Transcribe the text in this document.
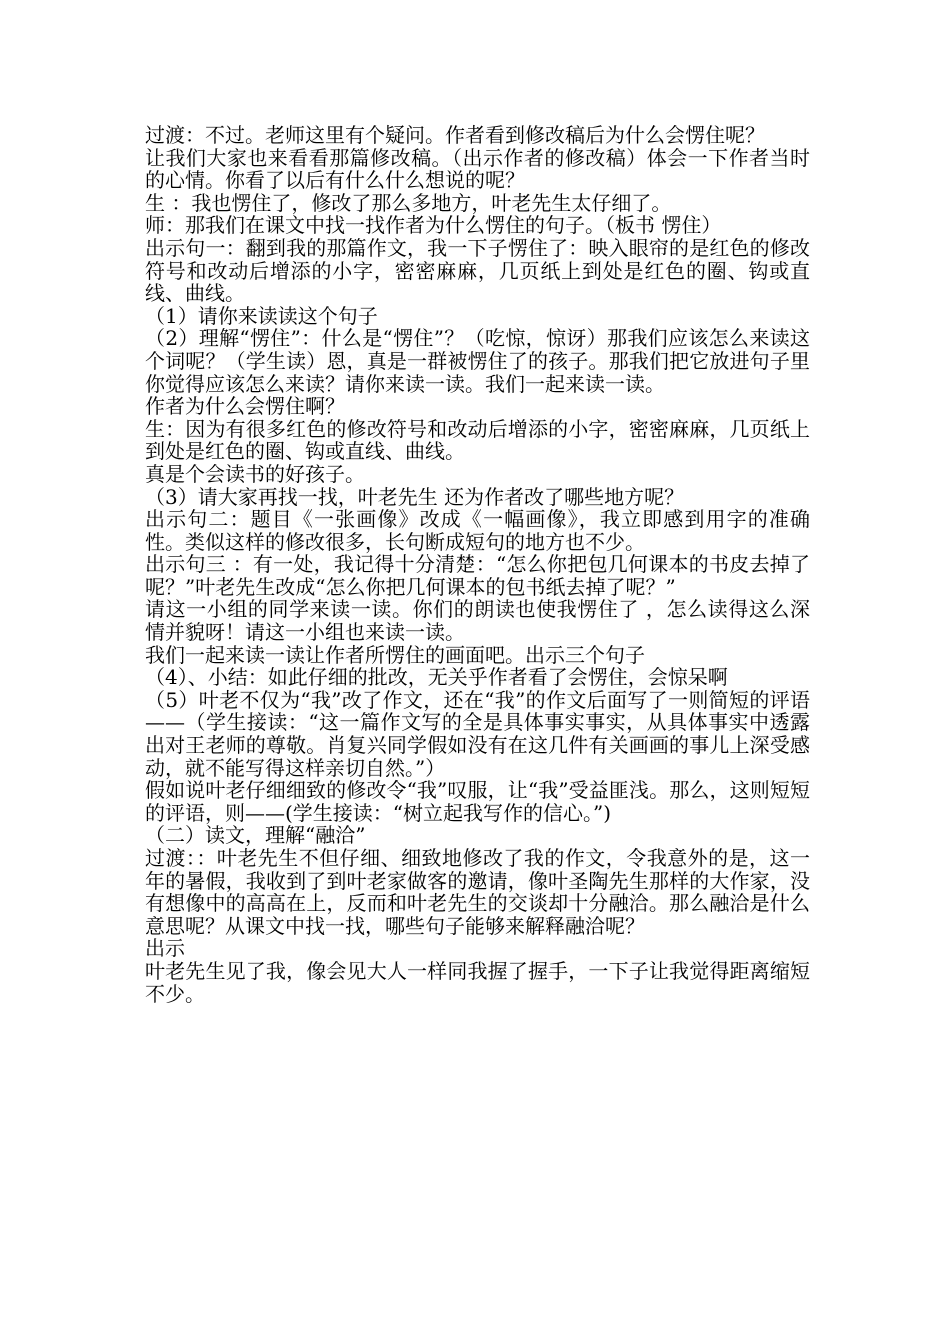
过渡：不过。老师这里有个疑问。作者看到修改稿后为什么会愣住呢？

让我们大家也来看看那篇修改稿。（出示作者的修改稿）体会一下作者当时的心情。你看了以后有什么什么想说的呢？

生 ：我也愣住了，修改了那么多地方，叶老先生太仔细了。

师：那我们在课文中找一找作者为什么愣住的句子。（板书 愣住）

出示句一：翻到我的那篇作文，我一下子愣住了：映入眼帘的是红色的修改符号和改动后增添的小字，密密麻麻，几页纸上到处是红色的圈、钩或直线、曲线。

（1）请你来读读这个句子

（2）理解“愣住”：什么是“愣住”？（吃惊，惊讶）那我们应该怎么来读这个词呢？（学生读）恩，真是一群被愣住了的孩子。那我们把它放进句子里你觉得应该怎么来读？请你来读一读。我们一起来读一读。

作者为什么会愣住啊？

生：因为有很多红色的修改符号和改动后增添的小字，密密麻麻，几页纸上到处是红色的圈、钩或直线、曲线。

真是个会读书的好孩子。

（3）请大家再找一找，叶老先生 还为作者改了哪些地方呢？

出示句二：题目《一张画像》改成《一幅画像》，我立即感到用字的准确性。类似这样的修改很多，长句断成短句的地方也不少。

出示句三 ：有一处，我记得十分清楚：“怎么你把包几何课本的书皮去掉了呢？”叶老先生改成“怎么你把几何课本的包书纸去掉了呢？”

请这一小组的同学来读一读。你们的朗读也使我愣住了 ，怎么读得这么深情并貌呀！请这一小组也来读一读。

我们一起来读一读让作者所愣住的画面吧。出示三个句子

（4）、小结：如此仔细的批改，无关乎作者看了会愣住，会惊呆啊

（5）叶老不仅为“我”改了作文，还在“我”的作文后面写了一则简短的评语——（学生接读：“这一篇作文写的全是具体事实事实，从具体事实中透露出对王老师的尊敬。肖复兴同学假如没有在这几件有关画画的事儿上深受感动，就不能写得这样亲切自然。”）

假如说叶老仔细细致的修改令“我”叹服，让“我”受益匪浅。那么，这则短短的评语，则——(学生接读：“树立起我写作的信心。”)

（二）读文，理解“融洽”

过渡：：叶老先生不但仔细、细致地修改了我的作文，令我意外的是，这一年的暑假，我收到了到叶老家做客的邀请，像叶圣陶先生那样的大作家，没有想像中的高高在上，反而和叶老先生的交谈却十分融洽。那么融洽是什么意思呢？从课文中找一找，哪些句子能够来解释融洽呢？

出示

叶老先生见了我，像会见大人一样同我握了握手，一下子让我觉得距离缩短不少。
